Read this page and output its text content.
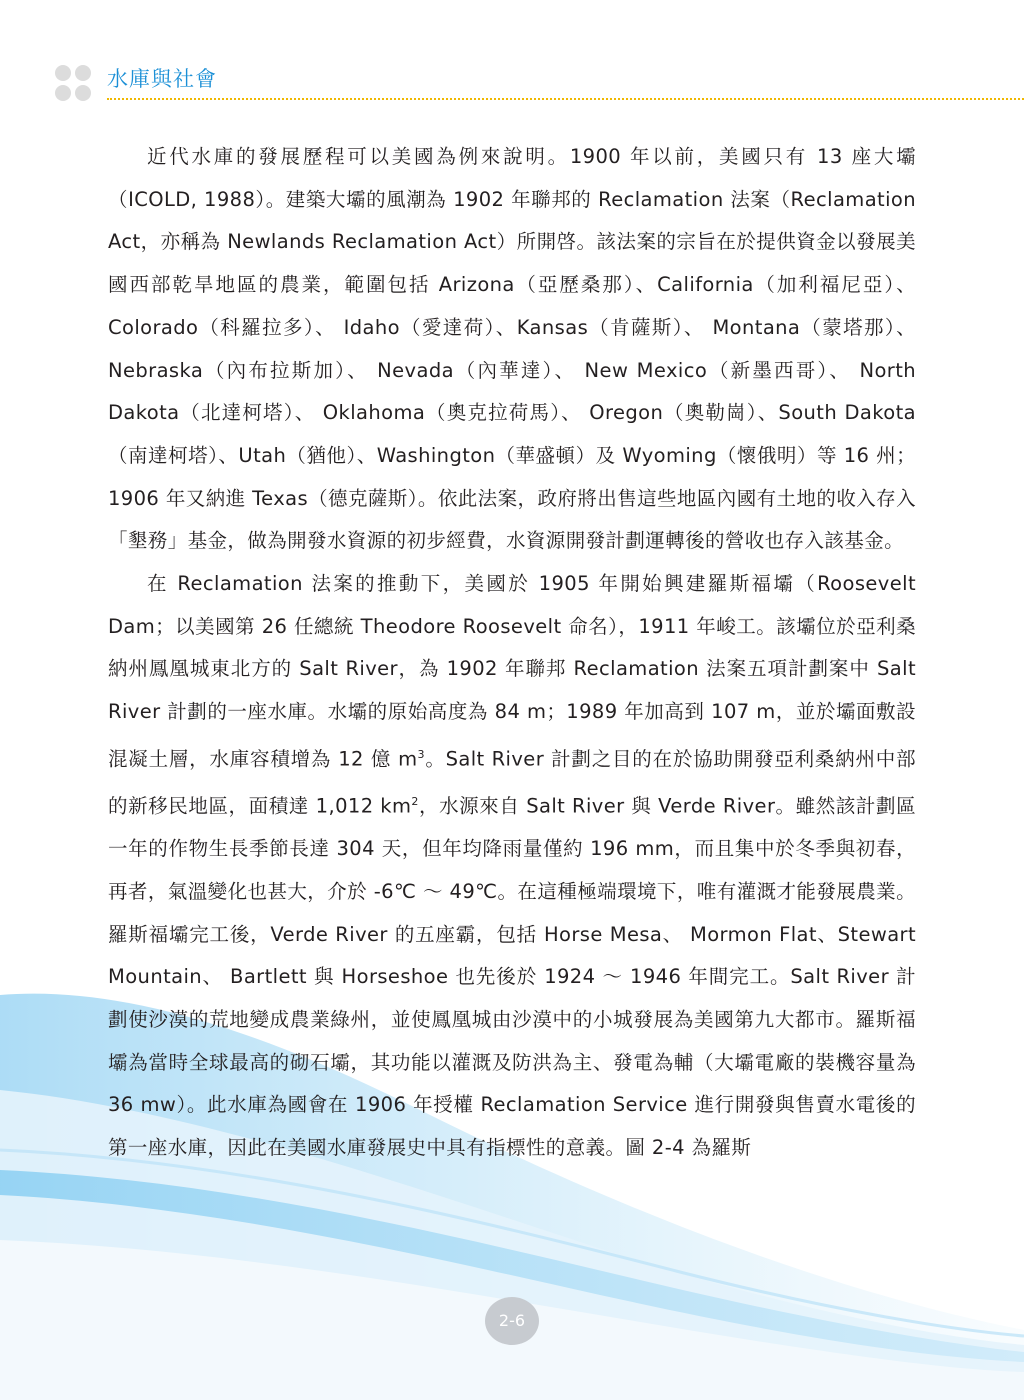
水庫與社會

近代水庫的發展歷程可以美國為例來說明。1900 年以前，美國只有 13 座大壩（ICOLD, 1988）。建築大壩的風潮為 1902 年聯邦的 Reclamation 法案（Reclamation Act，亦稱為 Newlands Reclamation Act）所開啓。該法案的宗旨在於提供資金以發展美國西部乾旱地區的農業，範圍包括 Arizona（亞歷桑那）、California（加利福尼亞）、 Colorado（科羅拉多）、 Idaho（愛達荷）、Kansas（肯薩斯）、 Montana（蒙塔那）、 Nebraska（內布拉斯加）、 Nevada（內華達）、 New Mexico（新墨西哥）、 North Dakota（北達柯塔）、 Oklahoma（奧克拉荷馬）、 Oregon（奧勒崗）、South Dakota（南達柯塔）、Utah（猶他）、Washington（華盛頓）及 Wyoming（懷俄明）等 16 州；1906 年又納進 Texas（德克薩斯）。依此法案，政府將出售這些地區內國有土地的收入存入「墾務」基金，做為開發水資源的初步經費，水資源開發計劃運轉後的營收也存入該基金。

在 Reclamation 法案的推動下，美國於 1905 年開始興建羅斯福壩（Roosevelt Dam；以美國第 26 任總統 Theodore Roosevelt 命名），1911 年峻工。該壩位於亞利桑納州鳳凰城東北方的 Salt River，為 1902 年聯邦 Reclamation 法案五項計劃案中 Salt River 計劃的一座水庫。水壩的原始高度為 84 m；1989 年加高到 107 m，並於壩面敷設混凝土層，水庫容積增為 12 億 $m^3$。Salt River 計劃之目的在於協助開發亞利桑納州中部的新移民地區，面積達 1,012 $km^2$，水源來自 Salt River 與 Verde River。雖然該計劃區一年的作物生長季節長達 304 天，但年均降雨量僅約 196 mm，而且集中於冬季與初春，再者，氣溫變化也甚大，介於 -6℃ ～ 49℃。在這種極端環境下，唯有灌溉才能發展農業。羅斯福壩完工後，Verde River 的五座霸，包括 Horse Mesa、 Mormon Flat、Stewart Mountain、 Bartlett 與 Horseshoe 也先後於 1924 ～ 1946 年間完工。Salt River 計劃使沙漠的荒地變成農業綠州，並使鳳凰城由沙漠中的小城發展為美國第九大都市。羅斯福壩為當時全球最高的砌石壩，其功能以灌溉及防洪為主、發電為輔（大壩電廠的裝機容量為 36 mw）。此水庫為國會在 1906 年授權 Reclamation Service 進行開發與售賣水電後的第一座水庫，因此在美國水庫發展史中具有指標性的意義。圖 2-4 為羅斯

2-6
